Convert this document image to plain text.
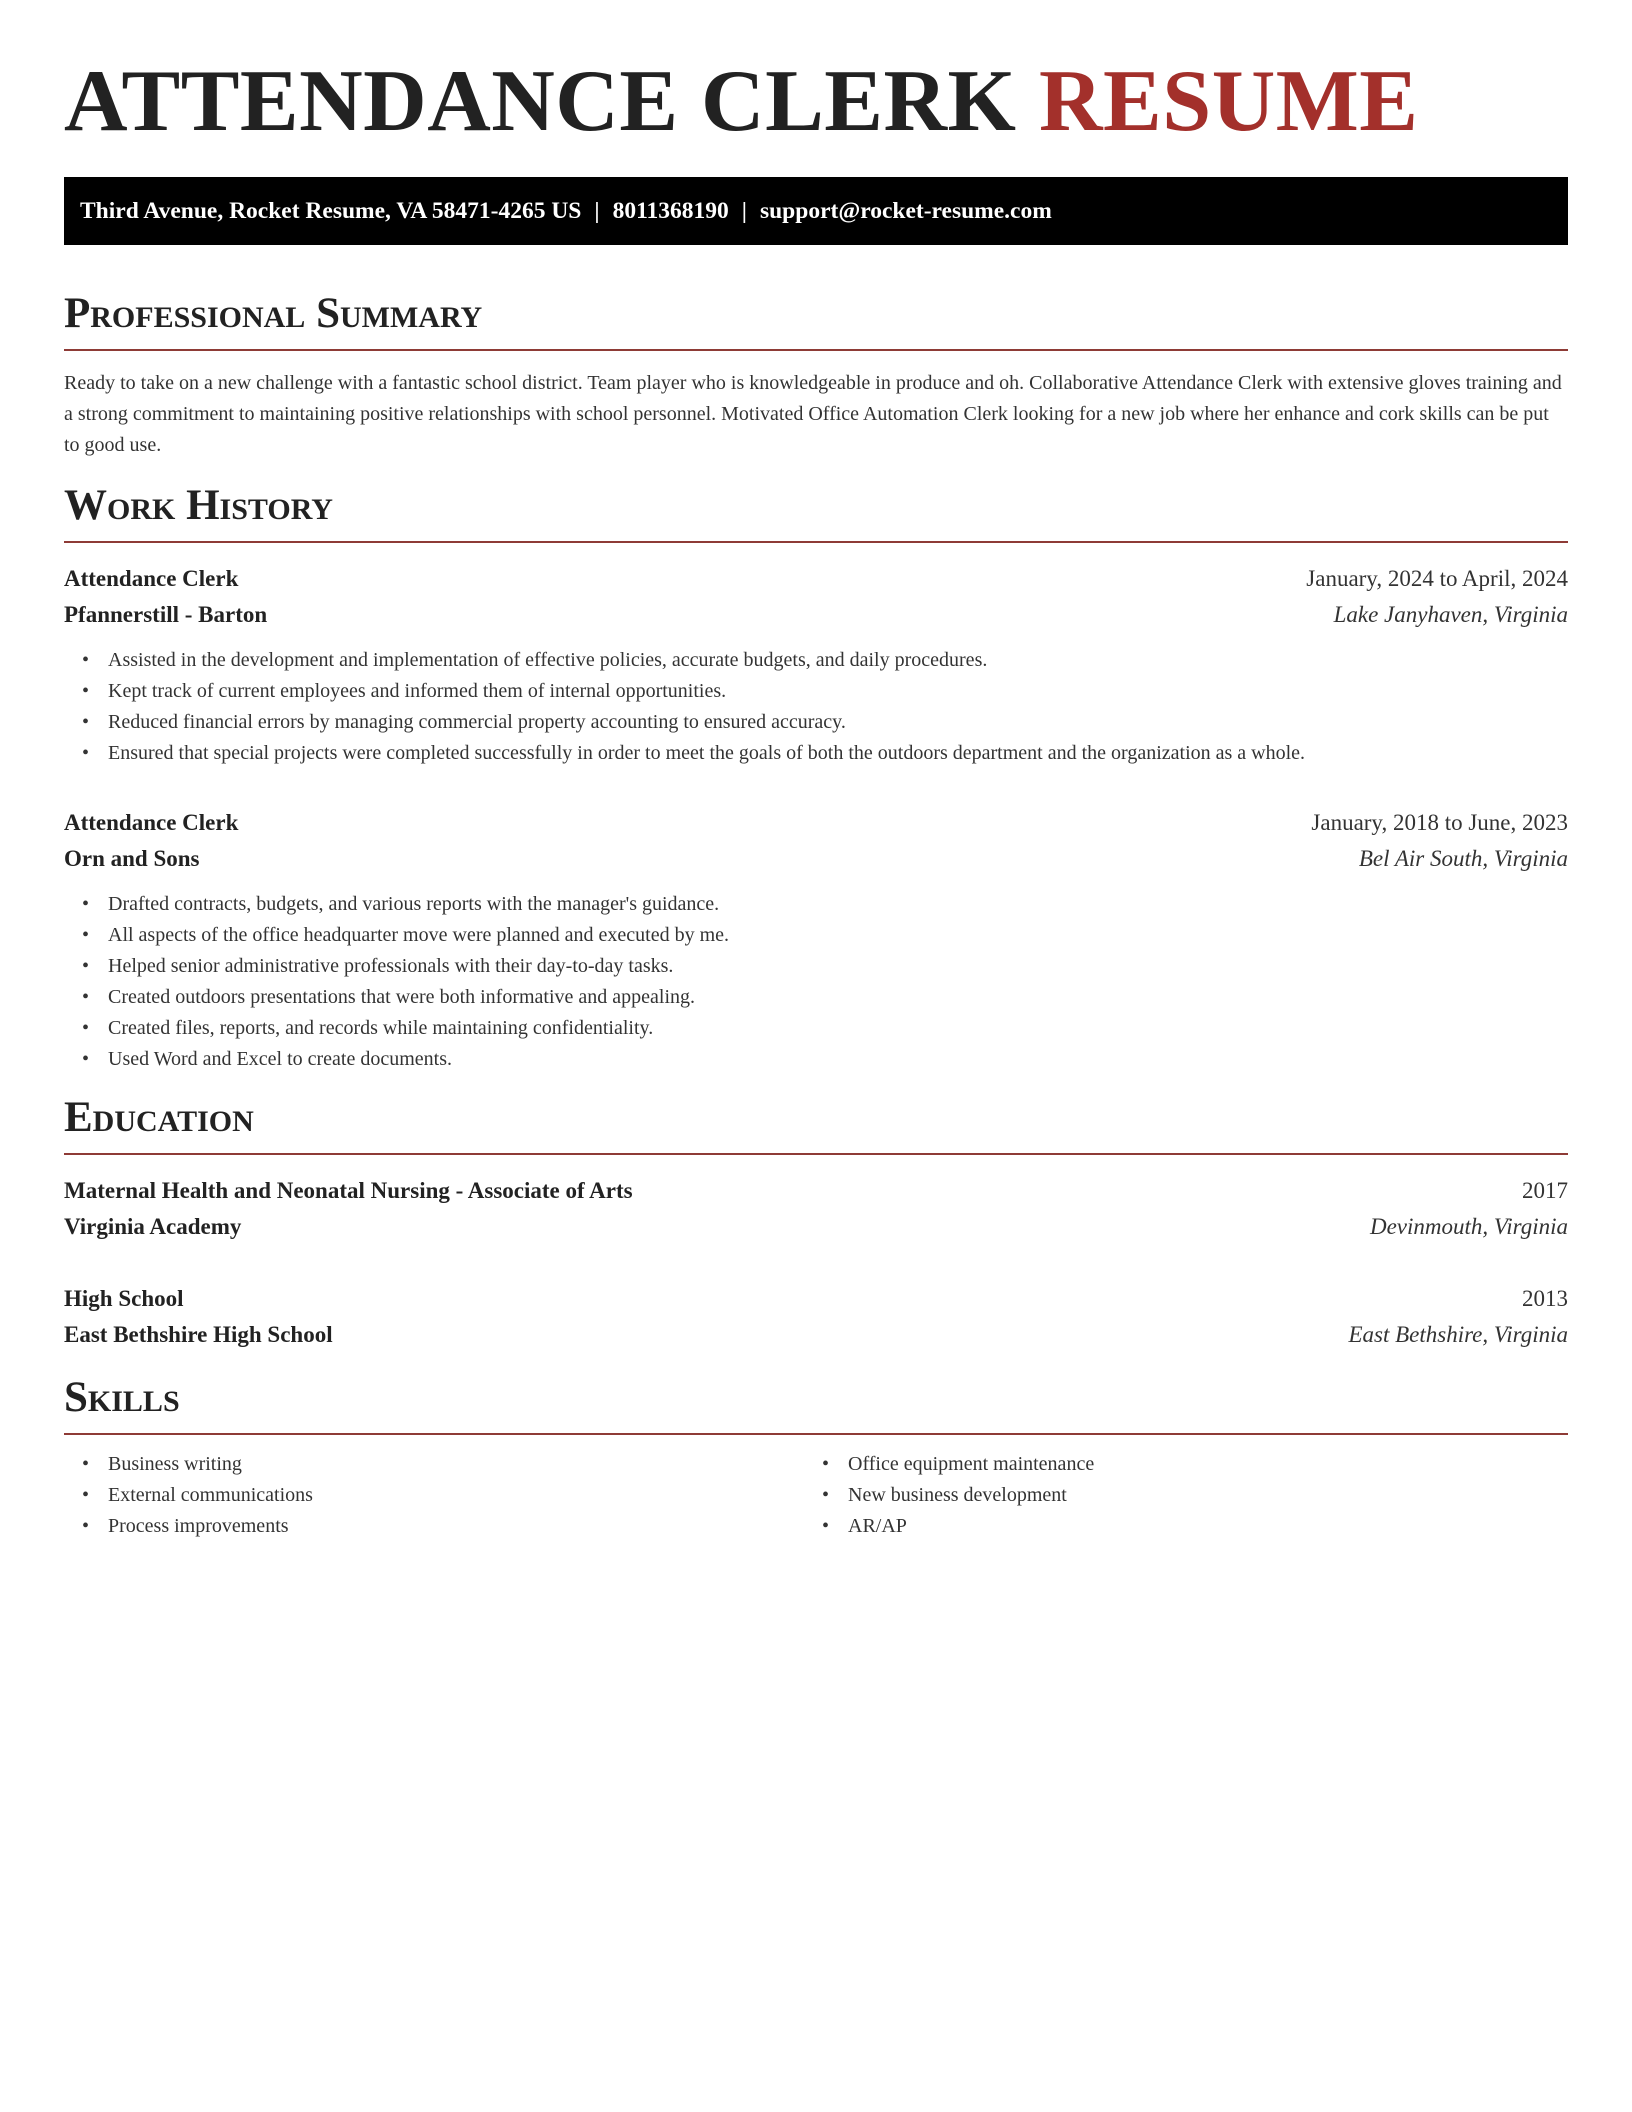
ATTENDANCE CLERK RESUME
Third Avenue, Rocket Resume, VA 58471-4265 US | 8011368190 | support@rocket-resume.com
Professional Summary

Ready to take on a new challenge with a fantastic school district. Team player who is knowledgeable in produce and oh. Collaborative Attendance Clerk with extensive gloves training and a strong commitment to maintaining positive relationships with school personnel. Motivated Office Automation Clerk looking for a new job where her enhance and cork skills can be put to good use.

Work History
Attendance Clerk	January, 2024 to April, 2024
Pfannerstill - Barton	Lake Janyhaven, Virginia
• Assisted in the development and implementation of effective policies, accurate budgets, and daily procedures.
• Kept track of current employees and informed them of internal opportunities.
• Reduced financial errors by managing commercial property accounting to ensured accuracy.
• Ensured that special projects were completed successfully in order to meet the goals of both the outdoors department and the organization as a whole.
Attendance Clerk	January, 2018 to June, 2023
Orn and Sons	Bel Air South, Virginia
• Drafted contracts, budgets, and various reports with the manager's guidance.
• All aspects of the office headquarter move were planned and executed by me.
• Helped senior administrative professionals with their day-to-day tasks.
• Created outdoors presentations that were both informative and appealing.
• Created files, reports, and records while maintaining confidentiality.
• Used Word and Excel to create documents.
Education
Maternal Health and Neonatal Nursing - Associate of Arts	2017
Virginia Academy	Devinmouth, Virginia
High School	2013
East Bethshire High School	East Bethshire, Virginia
Skills
• Business writing
• External communications
• Process improvements
• Office equipment maintenance
• New business development
• AR/AP
